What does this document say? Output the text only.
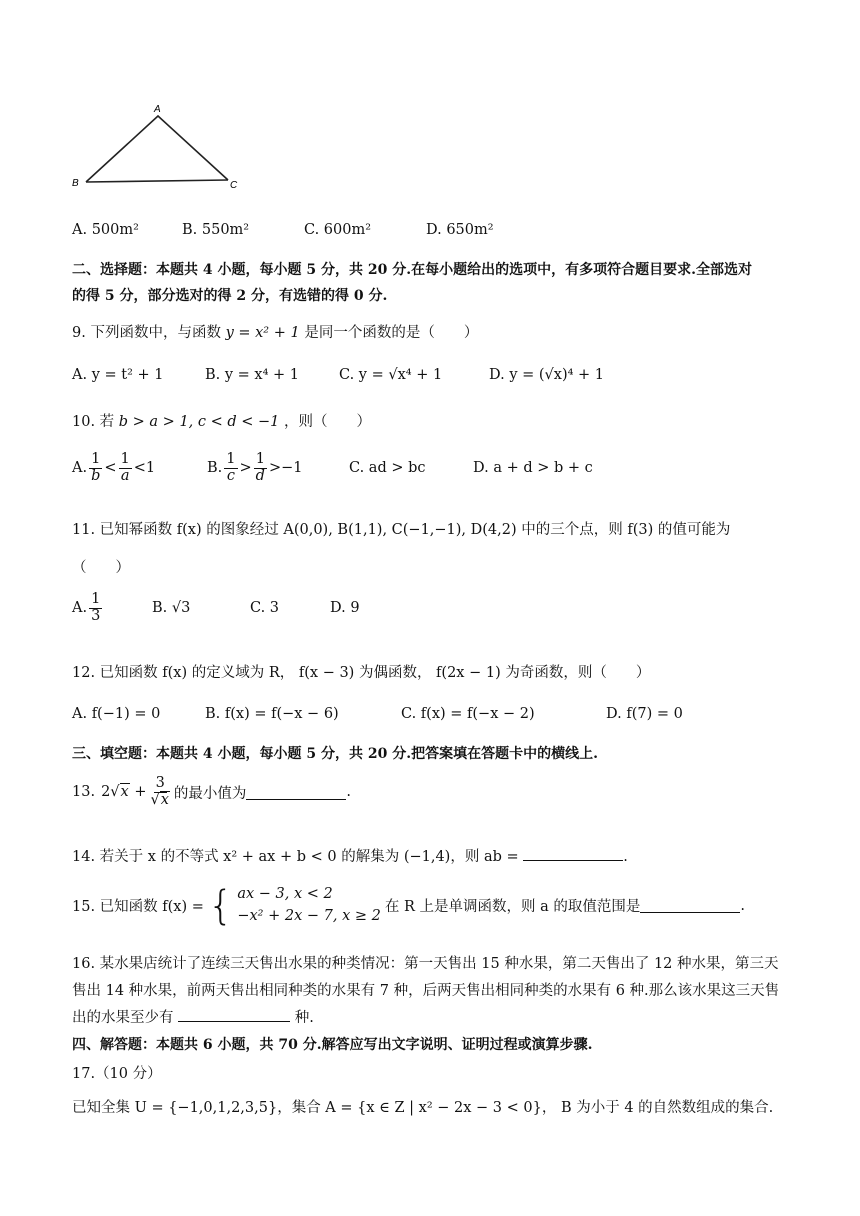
A
B	C
A. 500m²	B. 550m²	C. 600m²	D. 650m²
二、选择题：本题共 4 小题，每小题 5 分，共 20 分.在每小题给出的选项中，有多项符合题目要求.全部选对
的得 5 分，部分选对的得 2 分，有选错的得 0 分.
9. 下列函数中，与函数 y = x² + 1 是同一个函数的是（　　）
A. y = t² + 1	B. y = x⁴ + 1	C. y = √x⁴ + 1	D. y = (√x)⁴ + 1
10. 若 b > a > 1, c < d < −1 ，则（　　）
A. $\frac{1}{b} < \frac{1}{a} <1$	B. $\frac{1}{c} > \frac{1}{d} >-1$	C. ad > bc	D. a + d > b + c
11. 已知幂函数 f(x) 的图象经过 A(0,0), B(1,1), C(−1,−1), D(4,2) 中的三个点，则 f(3) 的值可能为
（　　）
A. $\frac{1}{3}$	B. √3	C. 3	D. 9
12. 已知函数 f(x) 的定义域为 R， f(x − 3) 为偶函数， f(2x − 1) 为奇函数，则（　　）
A. f(−1) = 0	B. f(x) = f(−x − 6)	C. f(x) = f(−x − 2)	D. f(7) = 0
三、填空题：本题共 4 小题，每小题 5 分，共 20 分.把答案填在答题卡中的横线上.
13. $2√x + \frac{3}{√x}$ 的最小值为	.
14. 若关于 x 的不等式 x² + ax + b < 0 的解集为 (−1,4)，则 ab =	.
15. 已知函数 f(x) = { ax − 3, x < 2
−x² + 2x − 7, x ≥ 2
在 R 上是单调函数，则 a 的取值范围是	.
16. 某水果店统计了连续三天售出水果的种类情况：第一天售出 15 种水果，第二天售出了 12 种水果，第三天
售出 14 种水果，前两天售出相同种类的水果有 7 种，后两天售出相同种类的水果有 6 种.那么该水果这三天售
出的水果至少有	种.
四、解答题：本题共 6 小题，共 70 分.解答应写出文字说明、证明过程或演算步骤.
17.（10 分）
已知全集 U = {−1,0,1,2,3,5}，集合 A = {x ∈ Z | x² − 2x − 3 < 0}， B 为小于 4 的自然数组成的集合.
